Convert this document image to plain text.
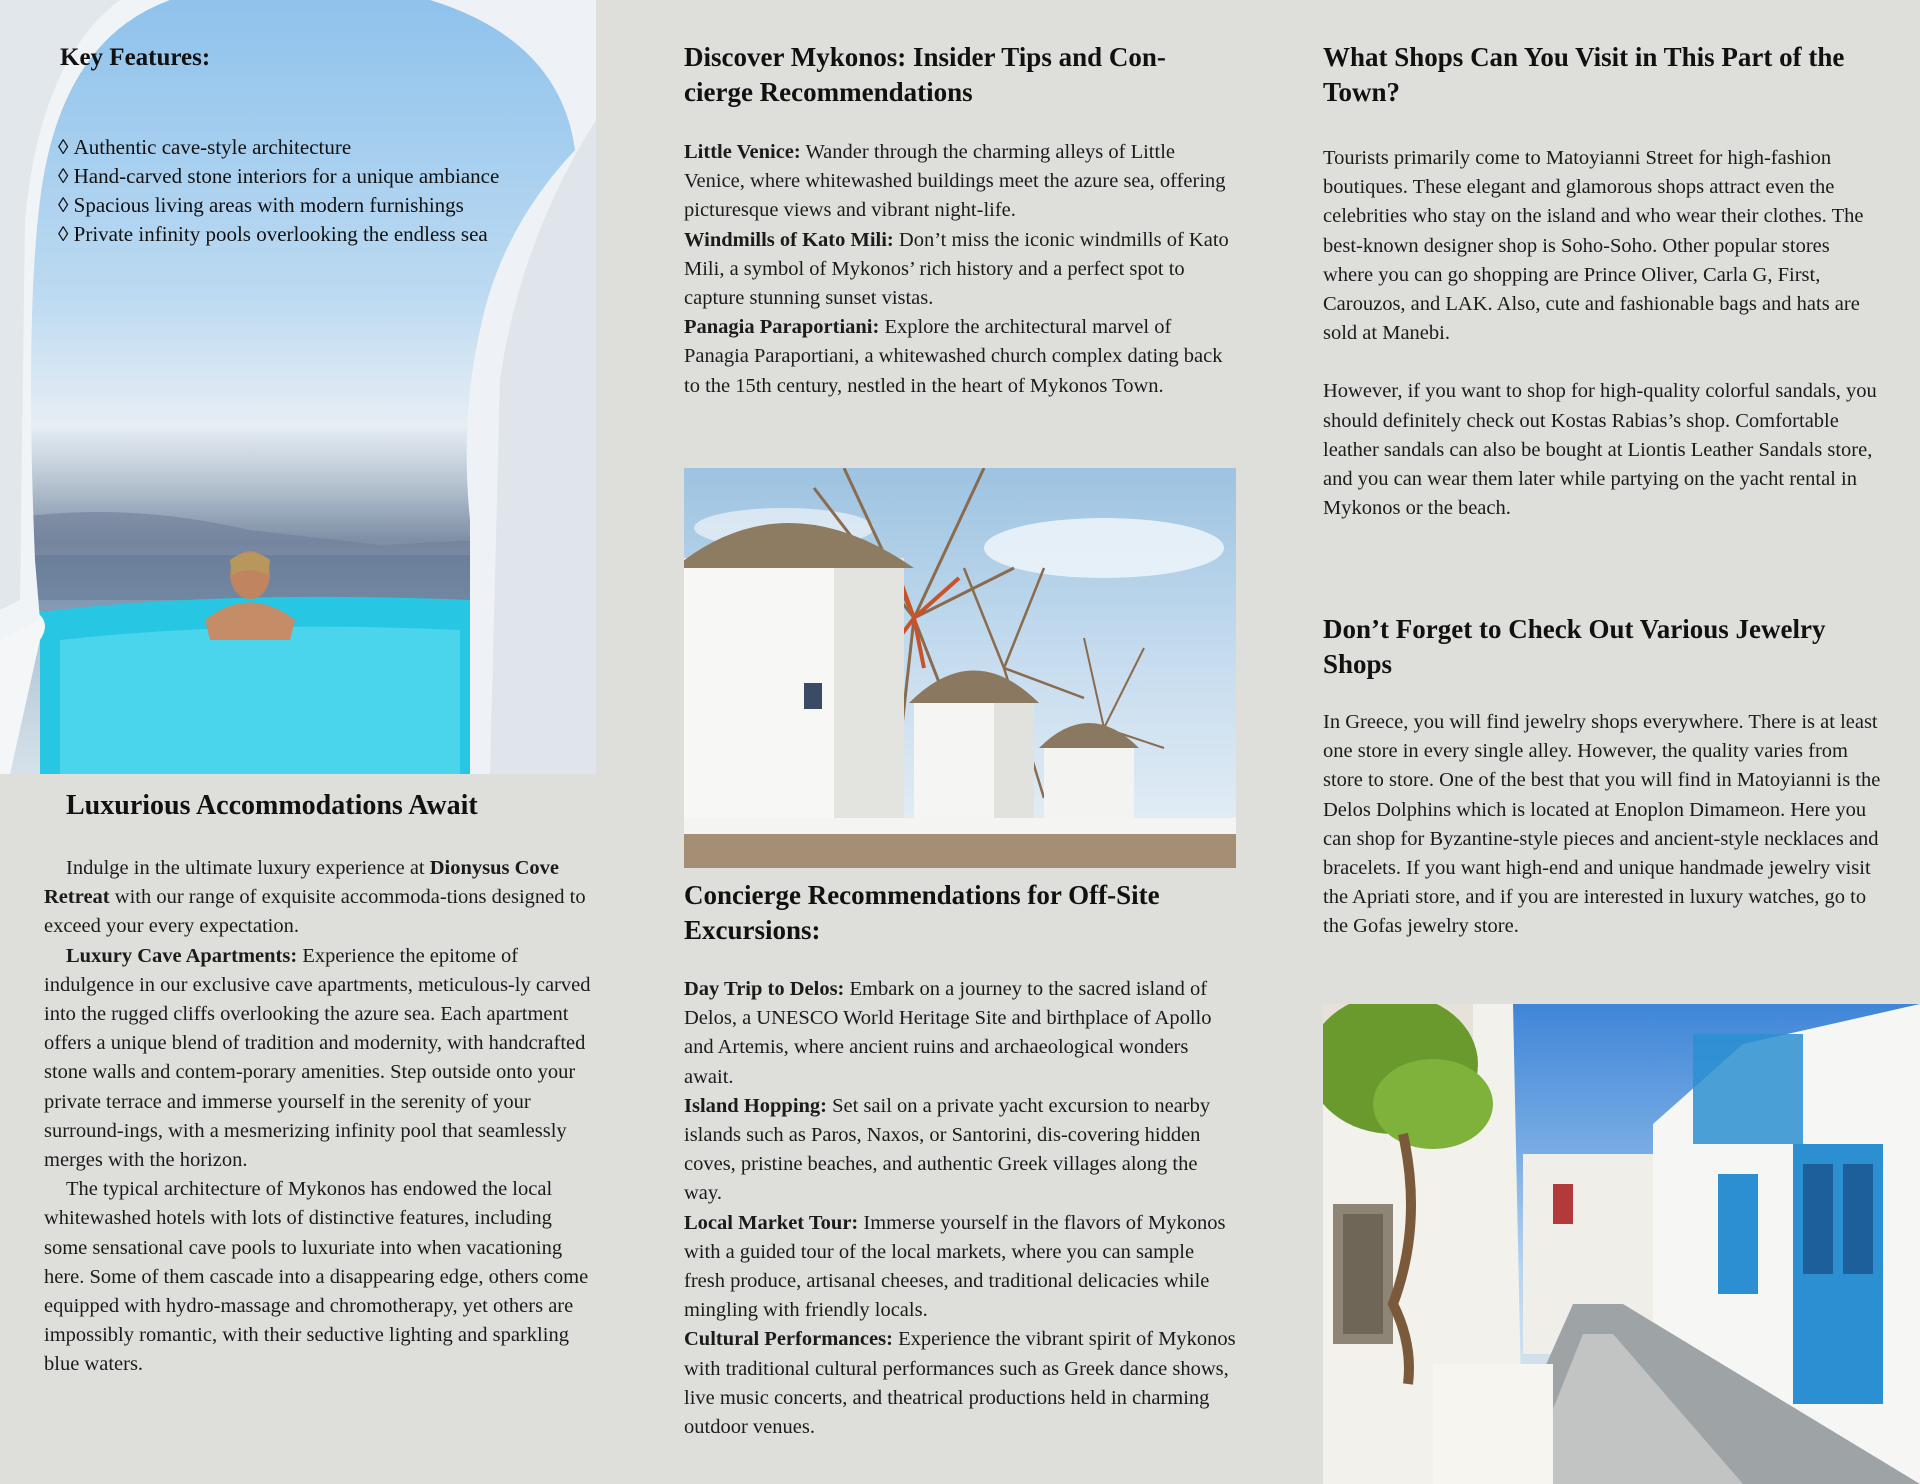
Key Features:
◊ Authentic cave-style architecture
◊ Hand-carved stone interiors for a unique ambiance
◊ Spacious living areas with modern furnishings
◊ Private infinity pools overlooking the endless sea
Luxurious Accommodations Await

Indulge in the ultimate luxury experience at Dionysus Cove Retreat with our range of exquisite accommoda-tions designed to exceed your every expectation.

Luxury Cave Apartments: Experience the epitome of indulgence in our exclusive cave apartments, meticulous-ly carved into the rugged cliffs overlooking the azure sea. Each apartment offers a unique blend of tradition and modernity, with handcrafted stone walls and contem-porary amenities. Step outside onto your private terrace and immerse yourself in the serenity of your surround-ings, with a mesmerizing infinity pool that seamlessly merges with the horizon.

The typical architecture of Mykonos has endowed the local whitewashed hotels with lots of distinctive features, including some sensational cave pools to luxuriate into when vacationing here. Some of them cascade into a disappearing edge, others come equipped with hydro-massage and chromotherapy, yet others are impossibly romantic, with their seductive lighting and sparkling blue waters.

Discover Mykonos: Insider Tips and Con-cierge Recommendations

Little Venice: Wander through the charming alleys of Little Venice, where whitewashed buildings meet the azure sea, offering picturesque views and vibrant night-life.

Windmills of Kato Mili: Don’t miss the iconic windmills of Kato Mili, a symbol of Mykonos’ rich history and a perfect spot to capture stunning sunset vistas.

Panagia Paraportiani: Explore the architectural marvel of Panagia Paraportiani, a whitewashed church complex dating back to the 15th century, nestled in the heart of Mykonos Town.

Concierge Recommendations for Off-Site Excursions:

Day Trip to Delos: Embark on a journey to the sacred island of Delos, a UNESCO World Heritage Site and birthplace of Apollo and Artemis, where ancient ruins and archaeological wonders await.

Island Hopping: Set sail on a private yacht excursion to nearby islands such as Paros, Naxos, or Santorini, dis-covering hidden coves, pristine beaches, and authentic Greek villages along the way.

Local Market Tour: Immerse yourself in the flavors of Mykonos with a guided tour of the local markets, where you can sample fresh produce, artisanal cheeses, and traditional delicacies while mingling with friendly locals.

Cultural Performances: Experience the vibrant spirit of Mykonos with traditional cultural performances such as Greek dance shows, live music concerts, and theatrical productions held in charming outdoor venues.

What Shops Can You Visit in This Part of the Town?

Tourists primarily come to Matoyianni Street for high-fashion boutiques. These elegant and glamorous shops attract even the celebrities who stay on the island and who wear their clothes. The best-known designer shop is Soho-Soho. Other popular stores where you can go shopping are Prince Oliver, Carla G, First, Carouzos, and LAK. Also, cute and fashionable bags and hats are sold at Manebi.

However, if you want to shop for high-quality colorful sandals, you should definitely check out Kostas Rabias’s shop. Comfortable leather sandals can also be bought at Liontis Leather Sandals store, and you can wear them later while partying on the yacht rental in Mykonos or the beach.

Don’t Forget to Check Out Various Jewelry Shops

In Greece, you will find jewelry shops everywhere. There is at least one store in every single alley. However, the quality varies from store to store. One of the best that you will find in Matoyianni is the Delos Dolphins which is located at Enoplon Dimameon. Here you can shop for Byzantine-style pieces and ancient-style necklaces and bracelets. If you want high-end and unique handmade jewelry visit the Apriati store, and if you are interested in luxury watches, go to the Gofas jewelry store.
